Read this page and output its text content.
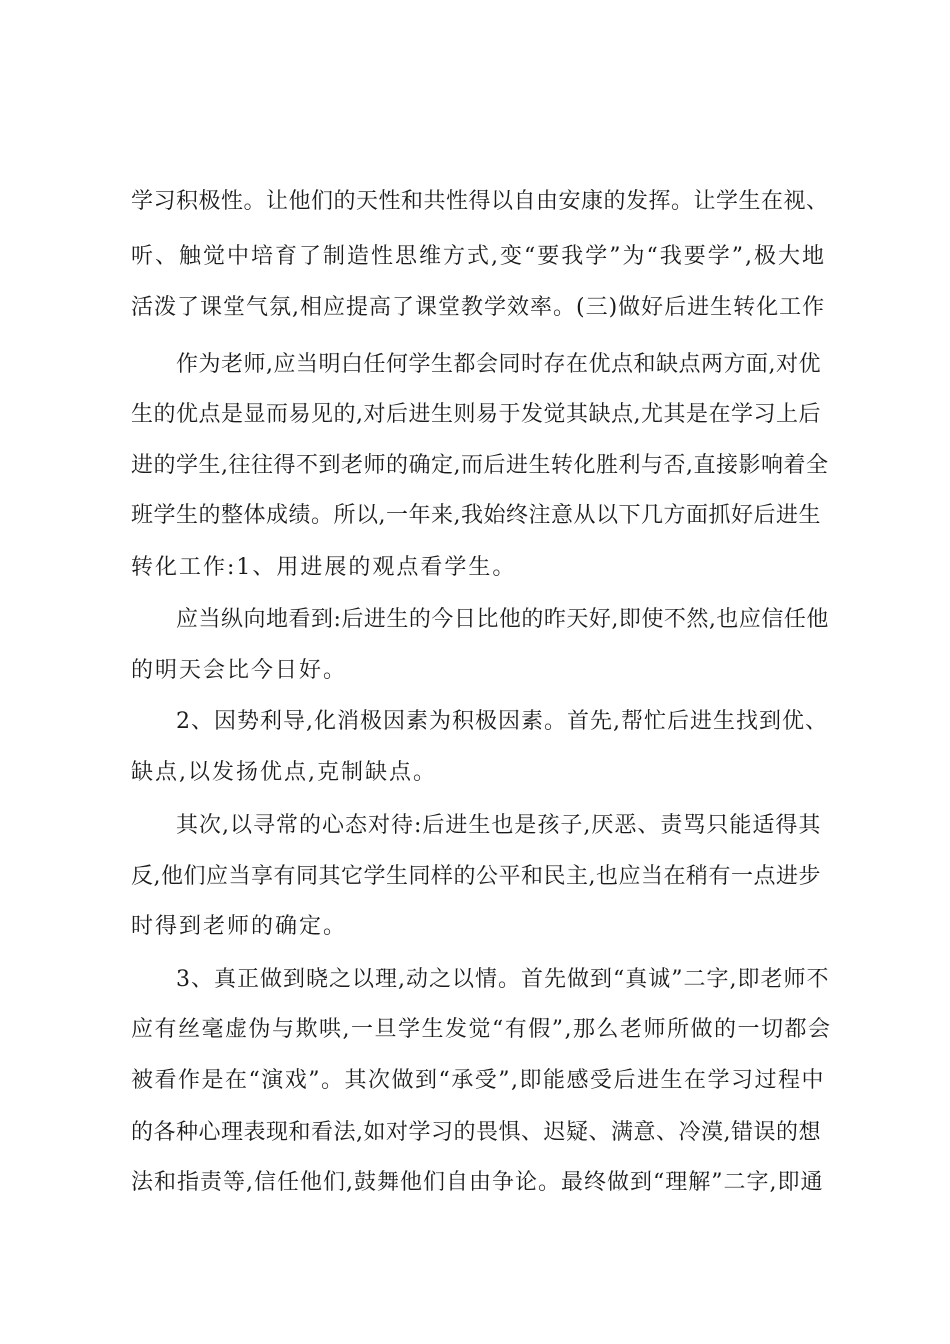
学习积极性。让他们的天性和共性得以自由安康的发挥。让学生在视、

听、触觉中培育了制造性思维方式,变“要我学”为“我要学”,极大地

活泼了课堂气氛,相应提高了课堂教学效率。(三)做好后进生转化工作

作为老师,应当明白任何学生都会同时存在优点和缺点两方面,对优

生的优点是显而易见的,对后进生则易于发觉其缺点,尤其是在学习上后

进的学生,往往得不到老师的确定,而后进生转化胜利与否,直接影响着全

班学生的整体成绩。所以,一年来,我始终注意从以下几方面抓好后进生

转化工作:1、用进展的观点看学生。

应当纵向地看到:后进生的今日比他的昨天好,即使不然,也应信任他

的明天会比今日好。

2、因势利导,化消极因素为积极因素。首先,帮忙后进生找到优、

缺点,以发扬优点,克制缺点。

其次,以寻常的心态对待:后进生也是孩子,厌恶、责骂只能适得其

反,他们应当享有同其它学生同样的公平和民主,也应当在稍有一点进步

时得到老师的确定。

3、真正做到晓之以理,动之以情。首先做到“真诚”二字,即老师不

应有丝毫虚伪与欺哄,一旦学生发觉“有假”,那么老师所做的一切都会

被看作是在“演戏”。其次做到“承受”,即能感受后进生在学习过程中

的各种心理表现和看法,如对学习的畏惧、迟疑、满意、冷漠,错误的想

法和指责等,信任他们,鼓舞他们自由争论。最终做到“理解”二字,即通
